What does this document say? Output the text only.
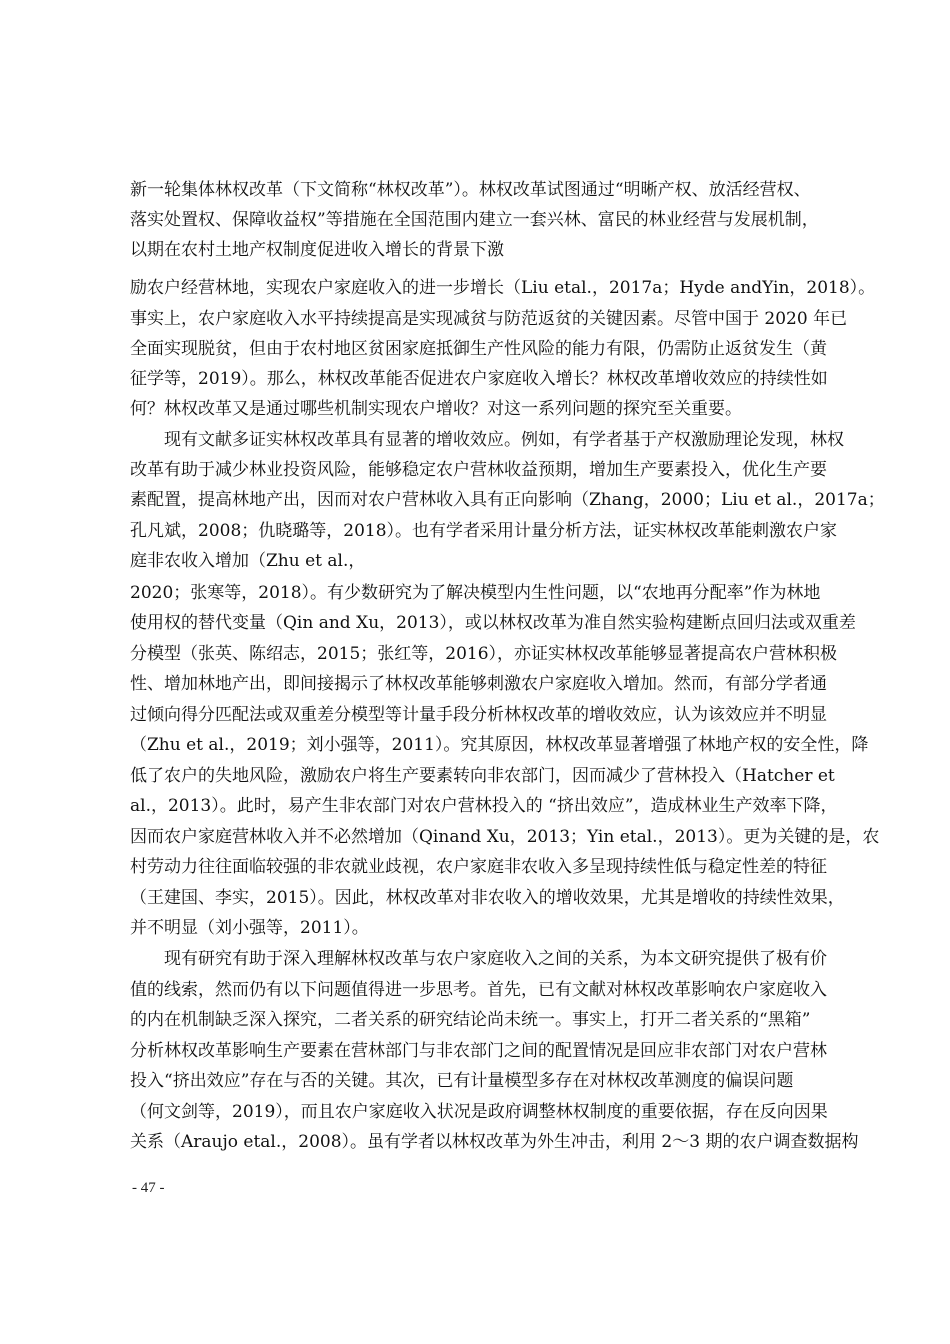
新一轮集体林权改革（下文简称“林权改革”）。林权改革试图通过“明晰产权、放活经营权、
落实处置权、保障收益权”等措施在全国范围内建立一套兴林、富民的林业经营与发展机制，
以期在农村土地产权制度促进收入增长的背景下激
励农户经营林地，实现农户家庭收入的进一步增长（Liu etal.，2017a；Hyde andYin，2018）。
事实上，农户家庭收入水平持续提高是实现减贫与防范返贫的关键因素。尽管中国于 2020 年已
全面实现脱贫，但由于农村地区贫困家庭抵御生产性风险的能力有限，仍需防止返贫发生（黄
征学等，2019）。那么，林权改革能否促进农户家庭收入增长？林权改革增收效应的持续性如
何？林权改革又是通过哪些机制实现农户增收？对这一系列问题的探究至关重要。
　　现有文献多证实林权改革具有显著的增收效应。例如，有学者基于产权激励理论发现，林权
改革有助于减少林业投资风险，能够稳定农户营林收益预期，增加生产要素投入，优化生产要
素配置，提高林地产出，因而对农户营林收入具有正向影响（Zhang，2000；Liu et al.，2017a；
孔凡斌，2008；仇晓璐等，2018）。也有学者采用计量分析方法，证实林权改革能刺激农户家
庭非农收入增加（Zhu et al.，
2020；张寒等，2018）。有少数研究为了解决模型内生性问题，以“农地再分配率”作为林地
使用权的替代变量（Qin and Xu，2013），或以林权改革为准自然实验构建断点回归法或双重差
分模型（张英、陈绍志，2015；张红等，2016），亦证实林权改革能够显著提高农户营林积极
性、增加林地产出，即间接揭示了林权改革能够刺激农户家庭收入增加。然而，有部分学者通
过倾向得分匹配法或双重差分模型等计量手段分析林权改革的增收效应，认为该效应并不明显
（Zhu et al.，2019；刘小强等，2011）。究其原因，林权改革显著增强了林地产权的安全性，降
低了农户的失地风险，激励农户将生产要素转向非农部门，因而减少了营林投入（Hatcher et
al.，2013）。此时，易产生非农部门对农户营林投入的 “挤出效应”，造成林业生产效率下降，
因而农户家庭营林收入并不必然增加（Qinand Xu，2013；Yin etal.，2013）。更为关键的是，农
村劳动力往往面临较强的非农就业歧视，农户家庭非农收入多呈现持续性低与稳定性差的特征
（王建国、李实，2015）。因此，林权改革对非农收入的增收效果，尤其是增收的持续性效果，
并不明显（刘小强等，2011）。
　　现有研究有助于深入理解林权改革与农户家庭收入之间的关系，为本文研究提供了极有价
值的线索，然而仍有以下问题值得进一步思考。首先，已有文献对林权改革影响农户家庭收入
的内在机制缺乏深入探究，二者关系的研究结论尚未统一。事实上，打开二者关系的“黑箱”
分析林权改革影响生产要素在营林部门与非农部门之间的配置情况是回应非农部门对农户营林
投入“挤出效应”存在与否的关键。其次，已有计量模型多存在对林权改革测度的偏误问题
（何文剑等，2019），而且农户家庭收入状况是政府调整林权制度的重要依据，存在反向因果
关系（Araujo etal.，2008）。虽有学者以林权改革为外生冲击，利用 2～3 期的农户调查数据构
- 47 -
